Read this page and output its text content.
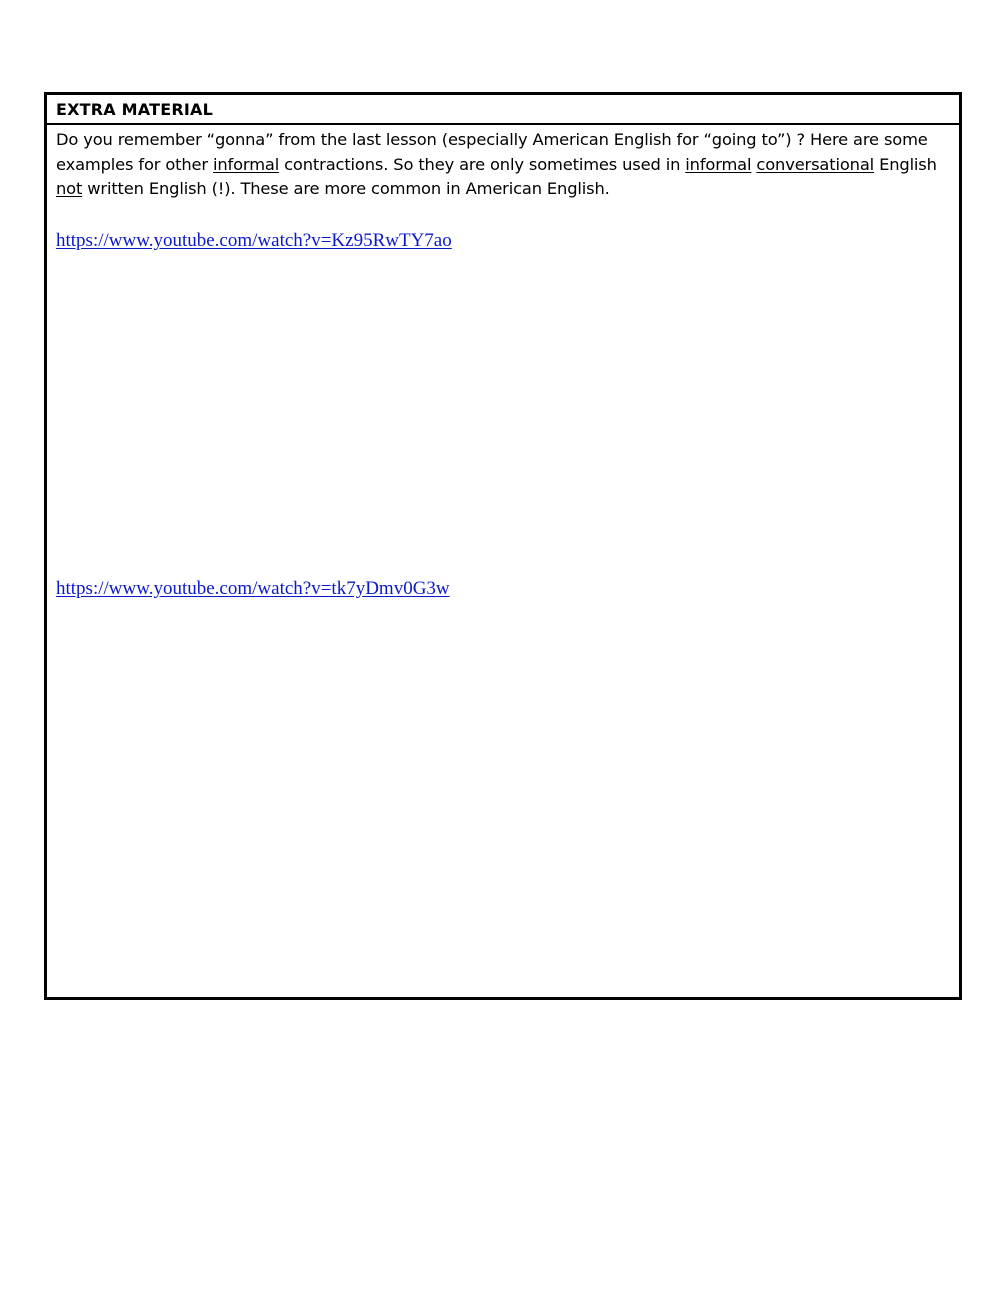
EXTRA MATERIAL

Do you remember “gonna” from the last lesson (especially American English for “going to”) ? Here are some examples for other informal contractions. So they are only sometimes used in informal conversational English not written English (!). These are more common in American English.

https://www.youtube.com/watch?v=Kz95RwTY7ao
https://www.youtube.com/watch?v=tk7yDmv0G3w
